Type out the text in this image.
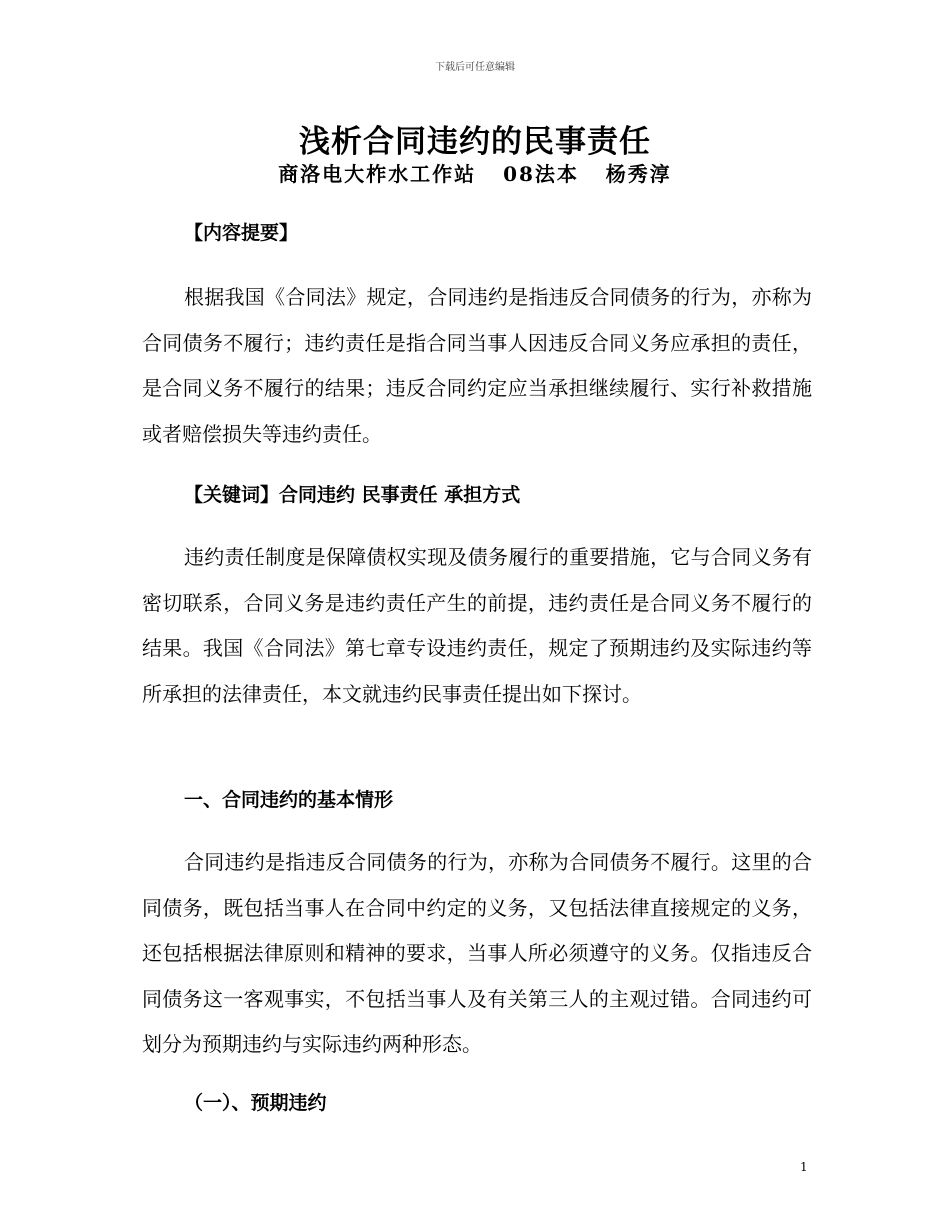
下载后可任意编辑
浅析合同违约的民事责任
商洛电大柞水工作站   08法本   杨秀淳
【内容提要】

根据我国《合同法》规定，合同违约是指违反合同债务的行为，亦称为合同债务不履行；违约责任是指合同当事人因违反合同义务应承担的责任，是合同义务不履行的结果；违反合同约定应当承担继续履行、实行补救措施或者赔偿损失等违约责任。

【关键词】合同违约 民事责任 承担方式

违约责任制度是保障债权实现及债务履行的重要措施，它与合同义务有密切联系，合同义务是违约责任产生的前提，违约责任是合同义务不履行的结果。我国《合同法》第七章专设违约责任，规定了预期违约及实际违约等所承担的法律责任，本文就违约民事责任提出如下探讨。

一、合同违约的基本情形

合同违约是指违反合同债务的行为，亦称为合同债务不履行。这里的合同债务，既包括当事人在合同中约定的义务，又包括法律直接规定的义务，还包括根据法律原则和精神的要求，当事人所必须遵守的义务。仅指违反合同债务这一客观事实，不包括当事人及有关第三人的主观过错。合同违约可划分为预期违约与实际违约两种形态。

（一）、预期违约
1
